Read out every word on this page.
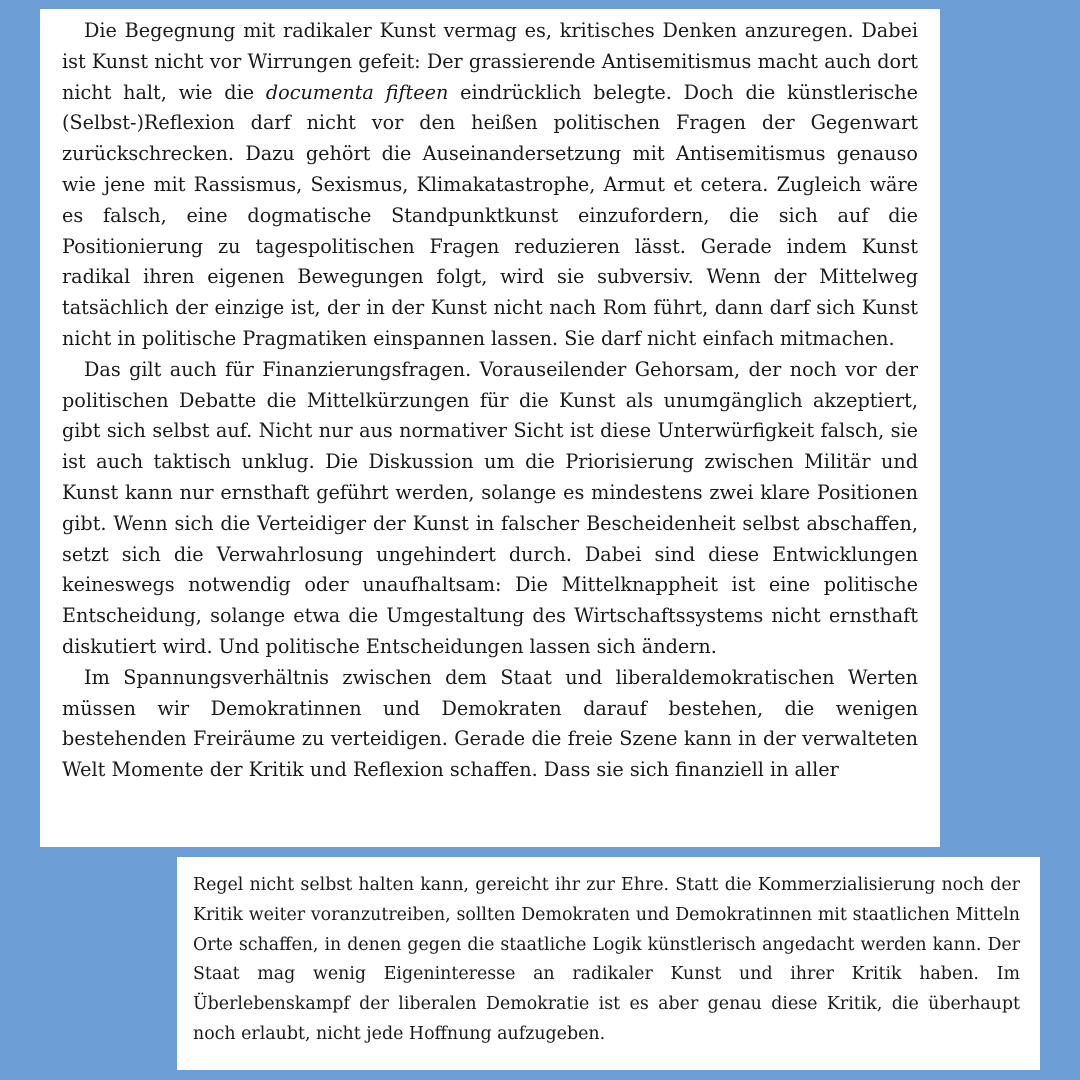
Die Begegnung mit radikaler Kunst vermag es, kritisches Denken anzuregen. Dabei ist Kunst nicht vor Wirrungen gefeit: Der grassierende Antisemitismus macht auch dort nicht halt, wie die documenta fifteen eindrücklich belegte. Doch die künstlerische (Selbst-)Reflexion darf nicht vor den heißen politischen Fragen der Gegenwart zurückschrecken. Dazu gehört die Auseinandersetzung mit Antisemitismus genauso wie jene mit Rassismus, Sexismus, Klimakatastrophe, Armut et cetera. Zugleich wäre es falsch, eine dogmatische Standpunktkunst einzufordern, die sich auf die Positionierung zu tagespolitischen Fragen reduzieren lässt. Gerade indem Kunst radikal ihren eigenen Bewegungen folgt, wird sie subversiv. Wenn der Mittelweg tatsächlich der einzige ist, der in der Kunst nicht nach Rom führt, dann darf sich Kunst nicht in politische Pragmatiken einspannen lassen. Sie darf nicht einfach mitmachen.

Das gilt auch für Finanzierungsfragen. Vorauseilender Gehorsam, der noch vor der politischen Debatte die Mittelkürzungen für die Kunst als unumgänglich akzeptiert, gibt sich selbst auf. Nicht nur aus normativer Sicht ist diese Unterwürfigkeit falsch, sie ist auch taktisch unklug. Die Diskussion um die Priorisierung zwischen Militär und Kunst kann nur ernsthaft geführt werden, solange es mindestens zwei klare Positionen gibt. Wenn sich die Verteidiger der Kunst in falscher Bescheidenheit selbst abschaffen, setzt sich die Verwahrlosung ungehindert durch. Dabei sind diese Entwicklungen keineswegs notwendig oder unaufhaltsam: Die Mittelknappheit ist eine politische Entscheidung, solange etwa die Umgestaltung des Wirtschaftssystems nicht ernsthaft diskutiert wird. Und politische Entscheidungen lassen sich ändern.

Im Spannungsverhältnis zwischen dem Staat und liberaldemokratischen Werten müssen wir Demokratinnen und Demokraten darauf bestehen, die wenigen bestehenden Freiräume zu verteidigen. Gerade die freie Szene kann in der verwalteten Welt Momente der Kritik und Reflexion schaffen. Dass sie sich finanziell in aller

Regel nicht selbst halten kann, gereicht ihr zur Ehre. Statt die Kommerzialisierung noch der Kritik weiter voranzutreiben, sollten Demokraten und Demokratinnen mit staatlichen Mitteln Orte schaffen, in denen gegen die staatliche Logik künstlerisch angedacht werden kann. Der Staat mag wenig Eigeninteresse an radikaler Kunst und ihrer Kritik haben. Im Überlebenskampf der liberalen Demokratie ist es aber genau diese Kritik, die überhaupt noch erlaubt, nicht jede Hoffnung aufzugeben.
